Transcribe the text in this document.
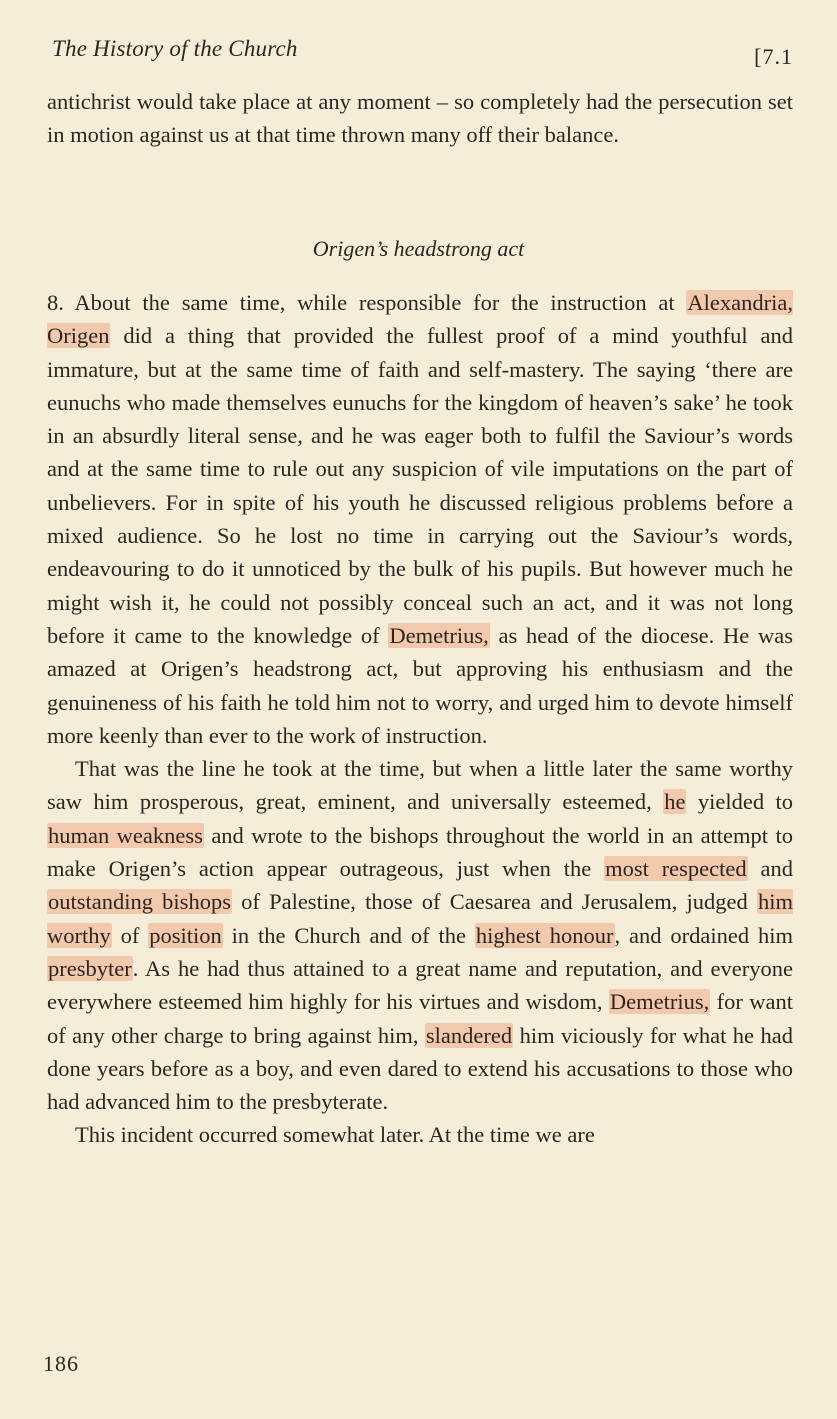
The History of the Church	[7.1

antichrist would take place at any moment – so completely had the persecution set in motion against us at that time thrown many off their balance.

Origen’s headstrong act

8. About the same time, while responsible for the instruction at Alexandria, Origen did a thing that provided the fullest proof of a mind youthful and immature, but at the same time of faith and self-mastery. The saying ‘there are eunuchs who made themselves eunuchs for the kingdom of heaven’s sake’ he took in an absurdly literal sense, and he was eager both to fulfil the Saviour’s words and at the same time to rule out any suspicion of vile imputations on the part of unbelievers. For in spite of his youth he discussed religious problems before a mixed audience. So he lost no time in carrying out the Saviour’s words, endeavouring to do it unnoticed by the bulk of his pupils. But however much he might wish it, he could not possibly conceal such an act, and it was not long before it came to the knowledge of Demetrius, as head of the diocese. He was amazed at Origen’s headstrong act, but approving his enthusiasm and the genuineness of his faith he told him not to worry, and urged him to devote himself more keenly than ever to the work of instruction.

That was the line he took at the time, but when a little later the same worthy saw him prosperous, great, eminent, and universally esteemed, he yielded to human weakness and wrote to the bishops throughout the world in an attempt to make Origen’s action appear outrageous, just when the most respected and outstanding bishops of Palestine, those of Caesarea and Jerusalem, judged him worthy of position in the Church and of the highest honour, and ordained him presbyter. As he had thus attained to a great name and reputation, and everyone everywhere esteemed him highly for his virtues and wisdom, Demetrius, for want of any other charge to bring against him, slandered him viciously for what he had done years before as a boy, and even dared to extend his accusations to those who had advanced him to the presbyterate.

This incident occurred somewhat later. At the time we are

186
